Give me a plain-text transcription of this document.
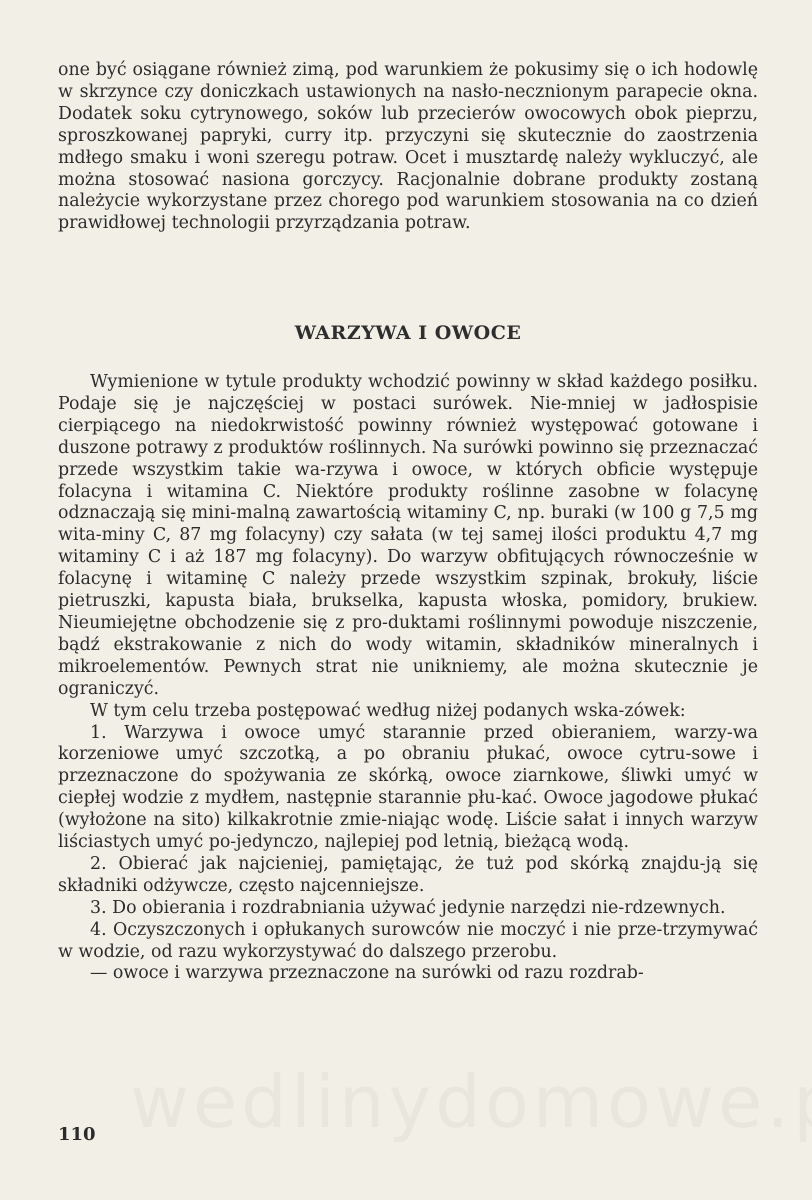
one być osiągane również zimą, pod warunkiem że pokusimy się o ich hodowlę w skrzynce czy doniczkach ustawionych na nasło-necznionym parapecie okna. Dodatek soku cytrynowego, soków lub przecierów owocowych obok pieprzu, sproszkowanej papryki, curry itp. przyczyni się skutecznie do zaostrzenia mdłego smaku i woni szeregu potraw. Ocet i musztardę należy wykluczyć, ale można stosować nasiona gorczycy. Racjonalnie dobrane produkty zostaną należycie wykorzystane przez chorego pod warunkiem stosowania na co dzień prawidłowej technologii przyrządzania potraw.

WARZYWA I OWOCE

Wymienione w tytule produkty wchodzić powinny w skład każdego posiłku. Podaje się je najczęściej w postaci surówek. Nie-mniej w jadłospisie cierpiącego na niedokrwistość powinny również występować gotowane i duszone potrawy z produktów roślinnych. Na surówki powinno się przeznaczać przede wszystkim takie wa-rzywa i owoce, w których obficie występuje folacyna i witamina C. Niektóre produkty roślinne zasobne w folacynę odznaczają się mini-malną zawartością witaminy C, np. buraki (w 100 g 7,5 mg wita-miny C, 87 mg folacyny) czy sałata (w tej samej ilości produktu 4,7 mg witaminy C i aż 187 mg folacyny). Do warzyw obfitujących równocześnie w folacynę i witaminę C należy przede wszystkim szpinak, brokuły, liście pietruszki, kapusta biała, brukselka, kapusta włoska, pomidory, brukiew. Nieumiejętne obchodzenie się z pro-duktami roślinnymi powoduje niszczenie, bądź ekstrakowanie z nich do wody witamin, składników mineralnych i mikroelementów. Pewnych strat nie unikniemy, ale można skutecznie je ograniczyć.

W tym celu trzeba postępować według niżej podanych wska-zówek:

1. Warzywa i owoce umyć starannie przed obieraniem, warzy-wa korzeniowe umyć szczotką, a po obraniu płukać, owoce cytru-sowe i przeznaczone do spożywania ze skórką, owoce ziarnkowe, śliwki umyć w ciepłej wodzie z mydłem, następnie starannie płu-kać. Owoce jagodowe płukać (wyłożone na sito) kilkakrotnie zmie-niając wodę. Liście sałat i innych warzyw liściastych umyć po-jedynczo, najlepiej pod letnią, bieżącą wodą.

2. Obierać jak najcieniej, pamiętając, że tuż pod skórką znajdu-ją się składniki odżywcze, często najcenniejsze.

3. Do obierania i rozdrabniania używać jedynie narzędzi nie-rdzewnych.

4. Oczyszczonych i opłukanych surowców nie moczyć i nie prze-trzymywać w wodzie, od razu wykorzystywać do dalszego przerobu.

— owoce i warzywa przeznaczone na surówki od razu rozdrab-

110
